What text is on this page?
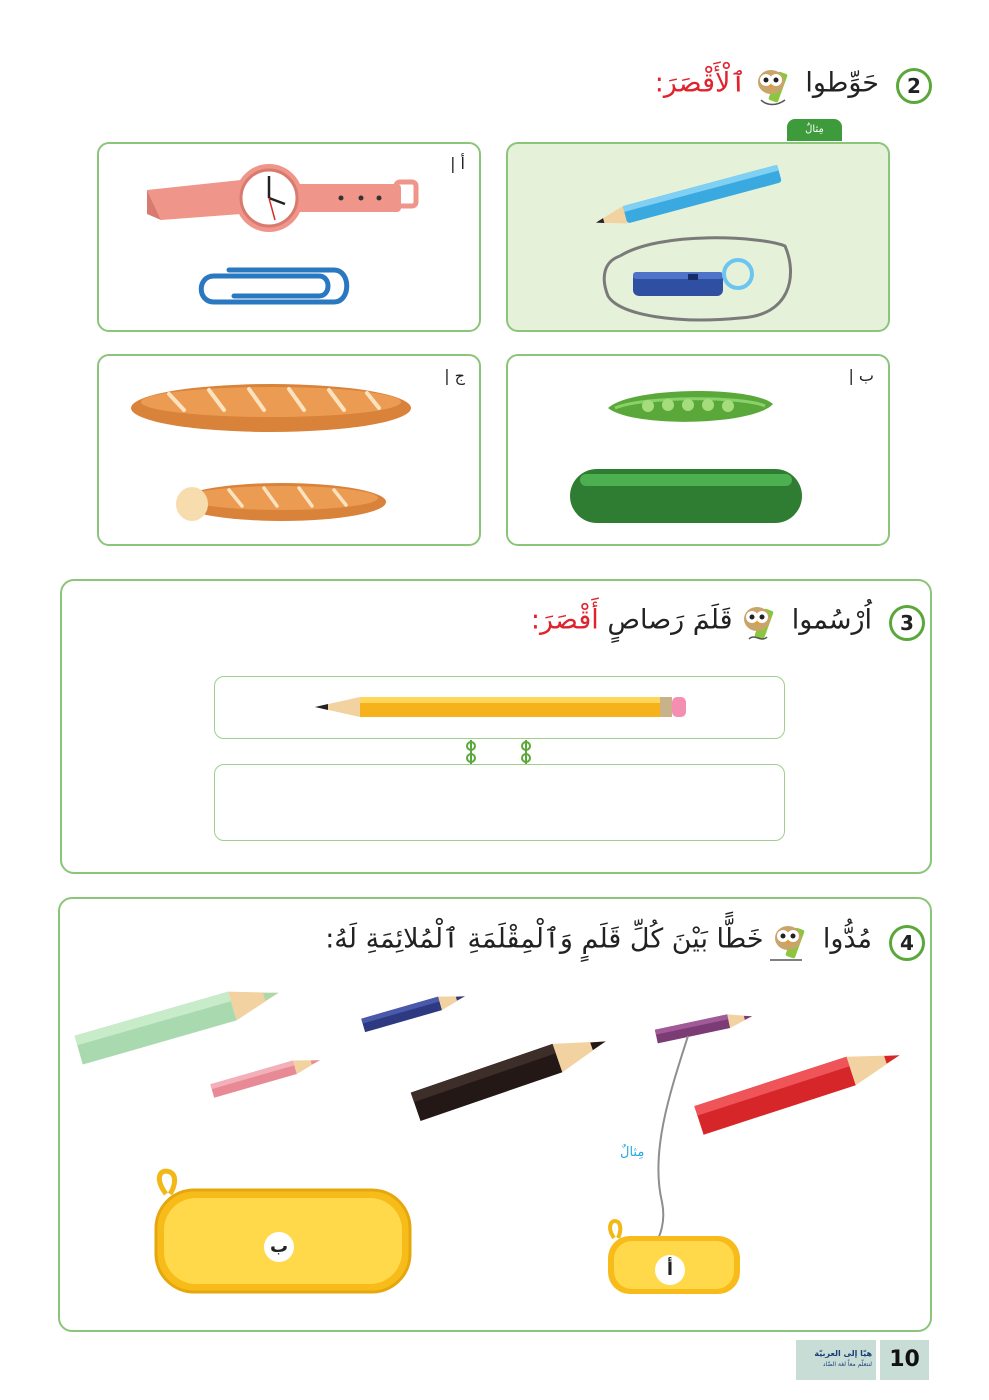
2
حَوِّطوا  ٱلْأَقْصَرَ:
مِثالٌ
أ |
ب |
ج |
3
اُرْسُموا  قَلَمَ رَصاصٍ أَقْصَرَ:
4
مُدُّوا  خَطًّا بَيْنَ كُلِّ قَلَمٍ وَٱلْمِقْلَمَةِ ٱلْمُلائِمَةِ لَهُ:
مِثالٌ
ب
أ
هيّا إلى العربيّة
لنتعلّم معاً لغة الضّاد 10
